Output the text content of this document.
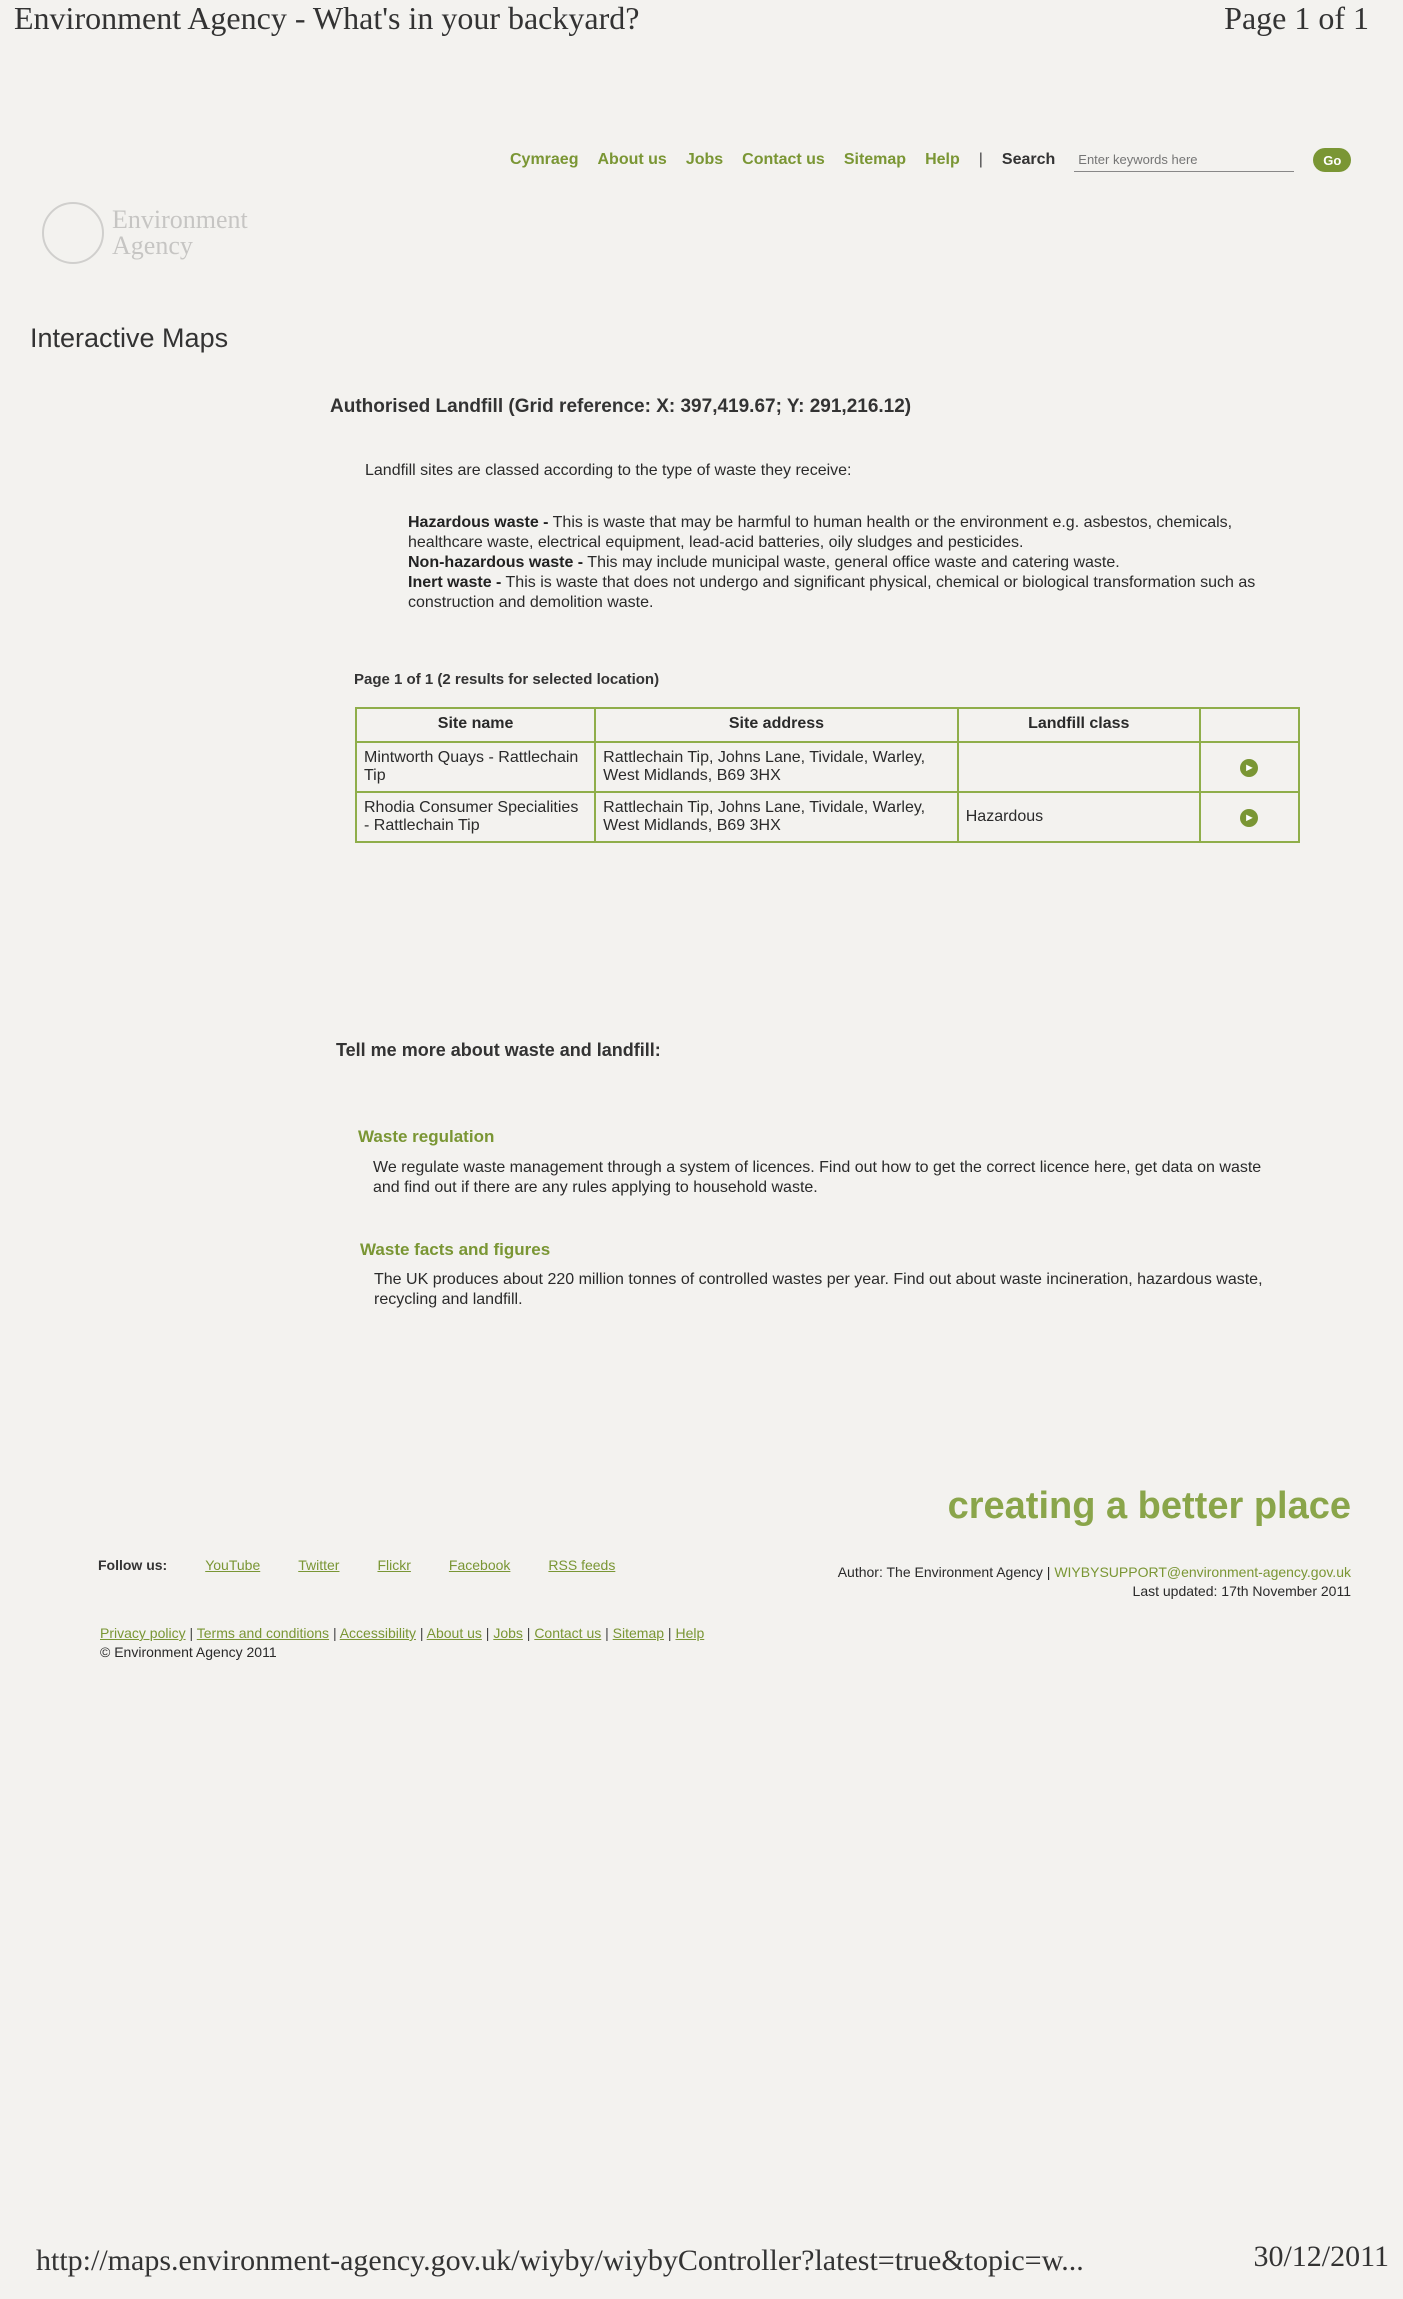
Environment Agency - What's in your backyard?	Page 1 of 1
Cymraeg About us Jobs Contact us Sitemap Help | Search
Enter keywords here	Go
Environment
Agency
Interactive Maps
Authorised Landfill (Grid reference: X: 397,419.67; Y: 291,216.12)
Landfill sites are classed according to the type of waste they receive:

Hazardous waste - This is waste that may be harmful to human health or the environment e.g. asbestos, chemicals, healthcare waste, electrical equipment, lead-acid batteries, oily sludges and pesticides.

Non-hazardous waste - This may include municipal waste, general office waste and catering waste.

Inert waste - This is waste that does not undergo and significant physical, chemical or biological transformation such as construction and demolition waste.

Page 1 of 1 (2 results for selected location)
Site name	Site address	Landfill class	
Mintworth Quays - Rattlechain Tip	Rattlechain Tip, Johns Lane, Tividale, Warley, West Midlands, B69 3HX		►
Rhodia Consumer Specialities - Rattlechain Tip	Rattlechain Tip, Johns Lane, Tividale, Warley, West Midlands, B69 3HX	Hazardous	►
Tell me more about waste and landfill:
Waste regulation
We regulate waste management through a system of licences. Find out how to get the correct licence here, get data on waste and find out if there are any rules applying to household waste.
Waste facts and figures
The UK produces about 220 million tonnes of controlled wastes per year. Find out about waste incineration, hazardous waste, recycling and landfill.
creating a better place
Follow us:	YouTube	Twitter	Flickr	Facebook	RSS feeds	Author: The Environment Agency | WIYBYSUPPORT@environment-agency.gov.uk
Last updated: 17th November 2011
Privacy policy | Terms and conditions | Accessibility | About us | Jobs | Contact us | Sitemap | Help
© Environment Agency 2011
http://maps.environment-agency.gov.uk/wiyby/wiybyController?latest=true&topic=w...	30/12/2011
